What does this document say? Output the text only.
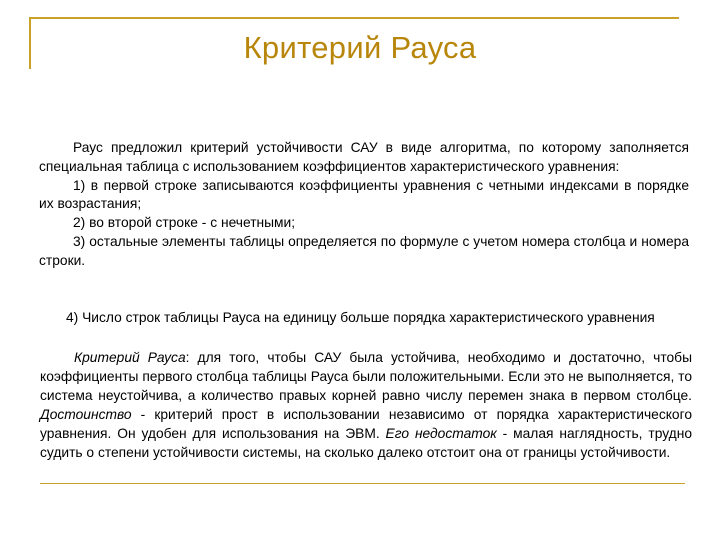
Критерий Рауса
Раус предложил критерий устойчивости САУ в виде алгоритма, по которому заполняется специальная таблица с использованием коэффициентов характеристического уравнения:
1) в первой строке записываются коэффициенты уравнения с четными индексами в порядке их возрастания;
2) во второй строке - с нечетными;
3) остальные элементы таблицы определяется по формуле с учетом номера столбца и номера строки.
4) Число строк таблицы Рауса на единицу больше порядка характеристического уравнения
Критерий Рауса: для того, чтобы САУ была устойчива, необходимо и достаточно, чтобы коэффициенты первого столбца таблицы Рауса были положительными. Если это не выполняется, то система неустойчива, а количество правых корней равно числу перемен знака в первом столбце. Достоинство - критерий прост в использовании независимо от порядка характеристического уравнения. Он удобен для использования на ЭВМ. Его недостаток - малая наглядность, трудно судить о степени устойчивости системы, на сколько далеко отстоит она от границы устойчивости.
